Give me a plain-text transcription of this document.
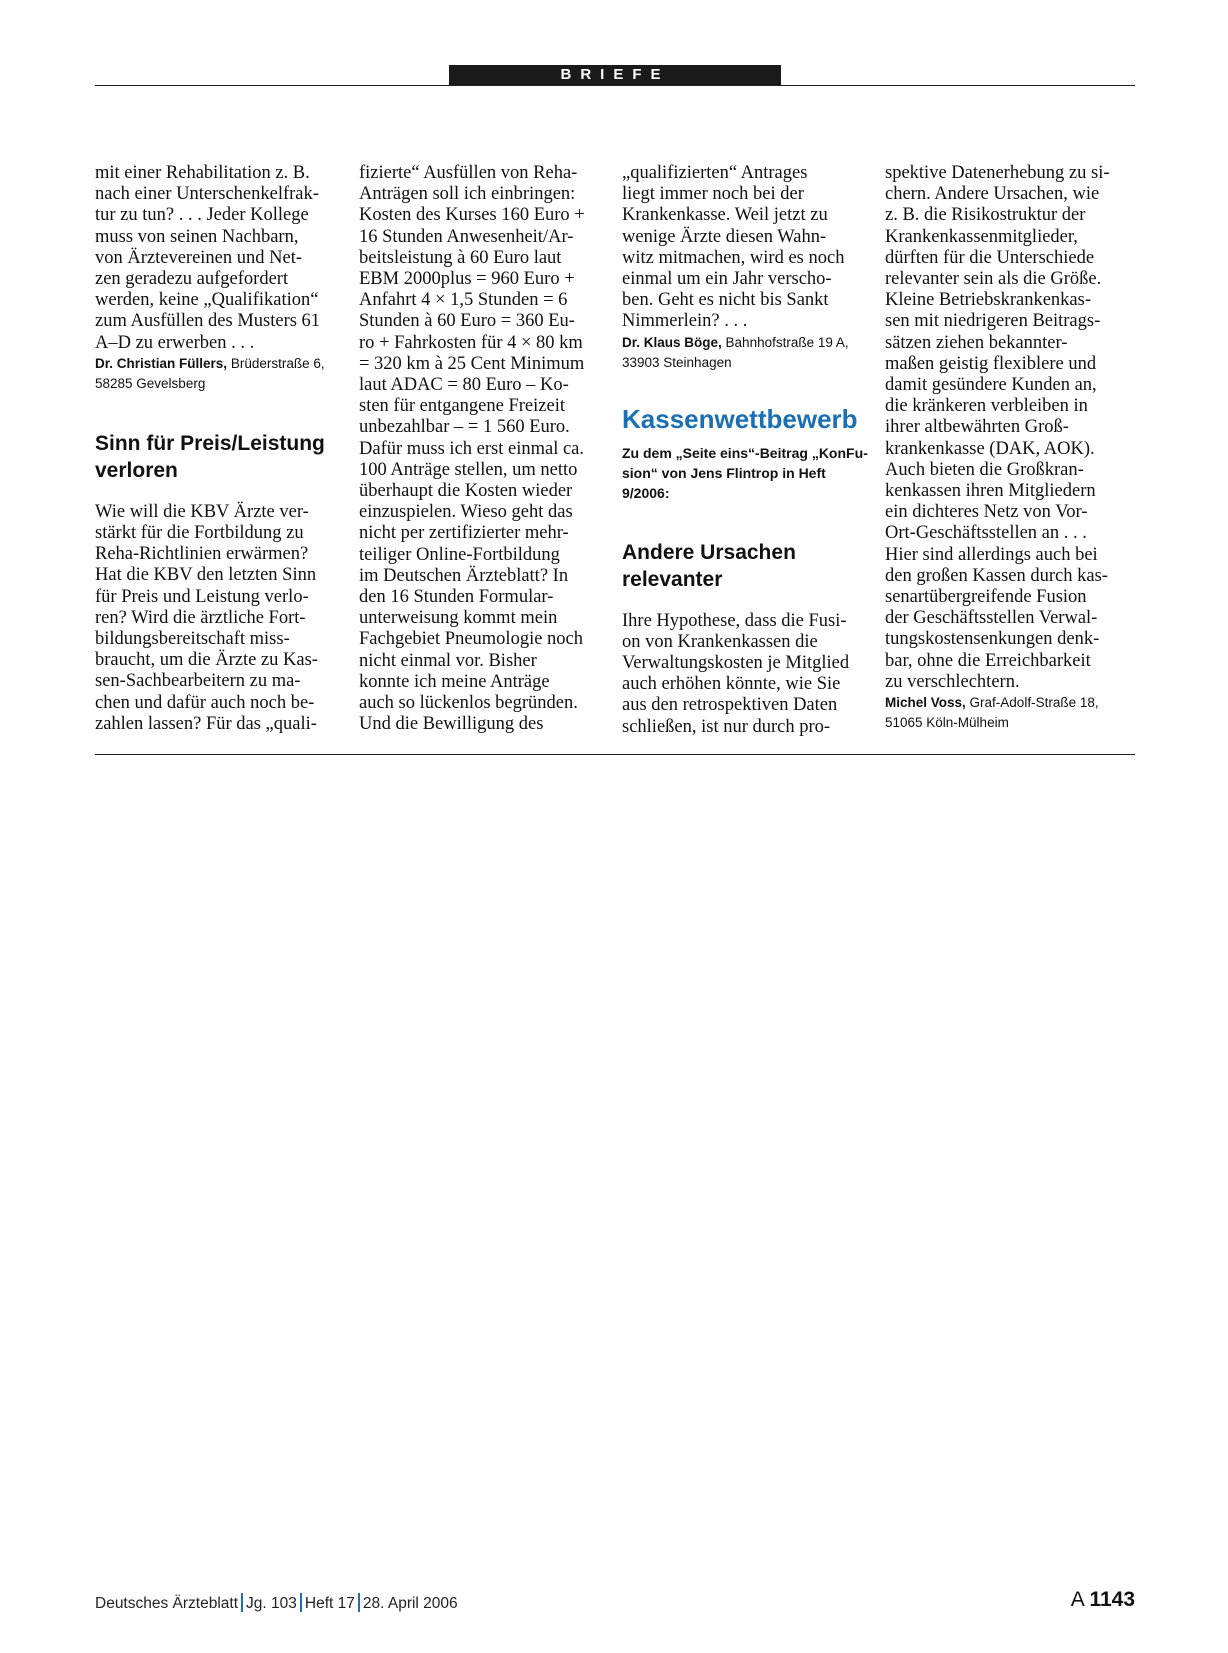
BRIEFE
mit einer Rehabilitation z. B.
nach einer Unterschenkelfrak-
tur zu tun? . . . Jeder Kollege
muss von seinen Nachbarn,
von Ärztevereinen und Net-
zen geradezu aufgefordert
werden, keine „Qualifikation“
zum Ausfüllen des Musters 61
A–D zu erwerben . . .
Dr. Christian Füllers, Brüderstraße 6,
58285 Gevelsberg
Sinn für Preis/Leistung
verloren
Wie will die KBV Ärzte ver-
stärkt für die Fortbildung zu
Reha-Richtlinien erwärmen?
Hat die KBV den letzten Sinn
für Preis und Leistung verlo-
ren? Wird die ärztliche Fort-
bildungsbereitschaft miss-
braucht, um die Ärzte zu Kas-
sen-Sachbearbeitern zu ma-
chen und dafür auch noch be-
zahlen lassen? Für das „quali-
fizierte“ Ausfüllen von Reha-
Anträgen soll ich einbringen:
Kosten des Kurses 160 Euro +
16 Stunden Anwesenheit/Ar-
beitsleistung à 60 Euro laut
EBM 2000plus = 960 Euro +
Anfahrt 4 × 1,5 Stunden = 6
Stunden à 60 Euro = 360 Eu-
ro + Fahrkosten für 4 × 80 km
= 320 km à 25 Cent Minimum
laut ADAC = 80 Euro – Ko-
sten für entgangene Freizeit
unbezahlbar – = 1 560 Euro.
Dafür muss ich erst einmal ca.
100 Anträge stellen, um netto
überhaupt die Kosten wieder
einzuspielen. Wieso geht das
nicht per zertifizierter mehr-
teiliger Online-Fortbildung
im Deutschen Ärzteblatt? In
den 16 Stunden Formular-
unterweisung kommt mein
Fachgebiet Pneumologie noch
nicht einmal vor. Bisher
konnte ich meine Anträge
auch so lückenlos begründen.
Und die Bewilligung des
„qualifizierten“ Antrages
liegt immer noch bei der
Krankenkasse. Weil jetzt zu
wenige Ärzte diesen Wahn-
witz mitmachen, wird es noch
einmal um ein Jahr verscho-
ben. Geht es nicht bis Sankt
Nimmerlein? . . .
Dr. Klaus Böge, Bahnhofstraße 19 A,
33903 Steinhagen
Kassenwettbewerb
Zu dem „Seite eins“-Beitrag „KonFu-
sion“ von Jens Flintrop in Heft
9/2006:
Andere Ursachen
relevanter
Ihre Hypothese, dass die Fusi-
on von Krankenkassen die
Verwaltungskosten je Mitglied
auch erhöhen könnte, wie Sie
aus den retrospektiven Daten
schließen, ist nur durch pro-
spektive Datenerhebung zu si-
chern. Andere Ursachen, wie
z. B. die Risikostruktur der
Krankenkassenmitglieder,
dürften für die Unterschiede
relevanter sein als die Größe.
Kleine Betriebskrankenkas-
sen mit niedrigeren Beitrags-
sätzen ziehen bekannter-
maßen geistig flexiblere und
damit gesündere Kunden an,
die kränkeren verbleiben in
ihrer altbewährten Groß-
krankenkasse (DAK, AOK).
Auch bieten die Großkran-
kenkassen ihren Mitgliedern
ein dichteres Netz von Vor-
Ort-Geschäftsstellen an . . .
Hier sind allerdings auch bei
den großen Kassen durch kas-
senartübergreifende Fusion
der Geschäftsstellen Verwal-
tungskostensenkungen denk-
bar, ohne die Erreichbarkeit
zu verschlechtern.
Michel Voss, Graf-Adolf-Straße 18,
51065 Köln-Mülheim
Deutsches Ärzteblatt Jg. 103 Heft 17 28. April 2006	A 1143
